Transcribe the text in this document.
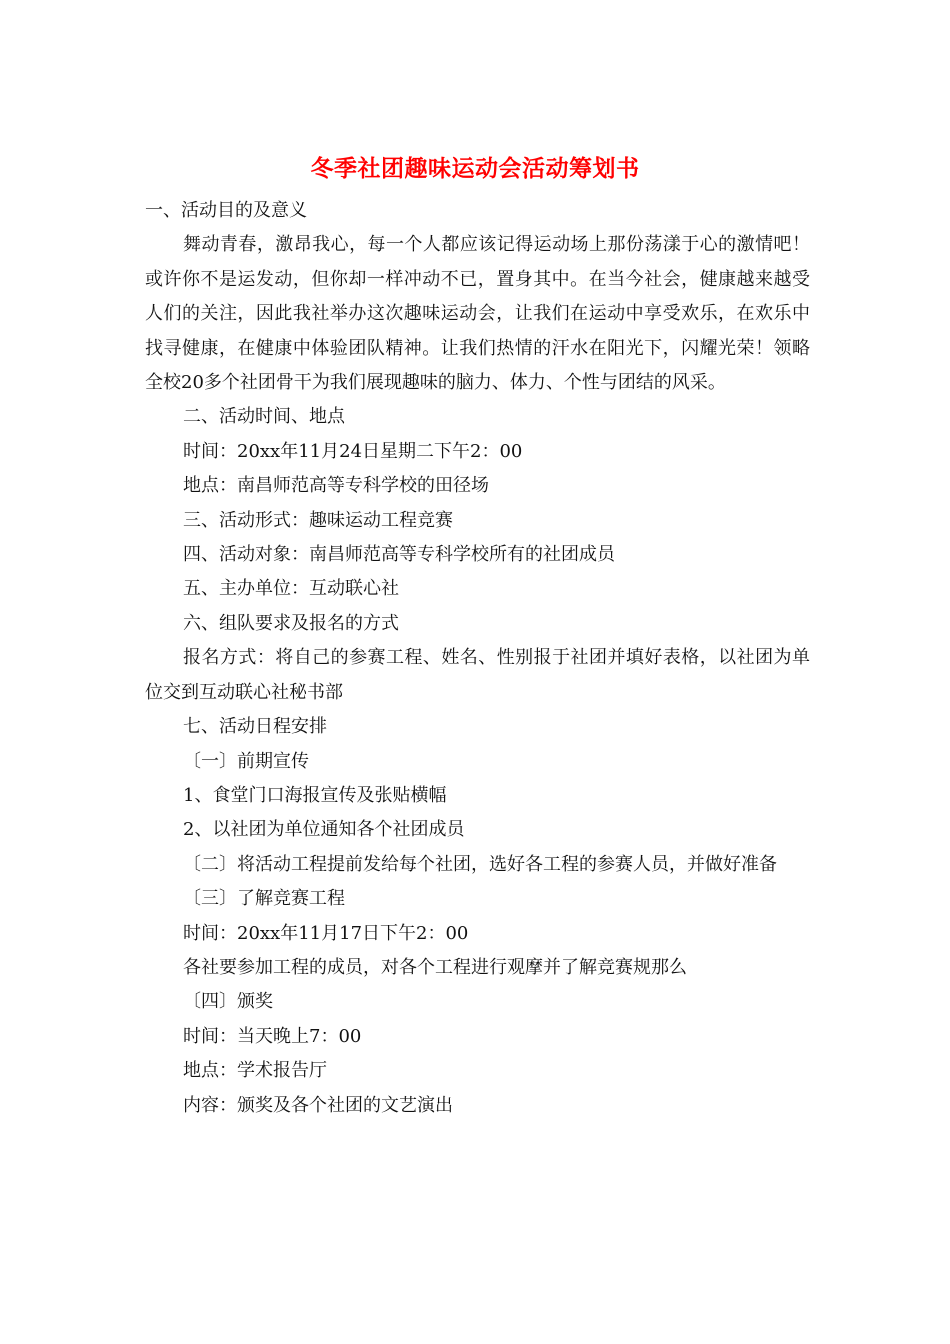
冬季社团趣味运动会活动筹划书

一、活动目的及意义

舞动青春，激昂我心，每一个人都应该记得运动场上那份荡漾于心的激情吧！或许你不是运发动，但你却一样冲动不已，置身其中。在当今社会，健康越来越受人们的关注，因此我社举办这次趣味运动会，让我们在运动中享受欢乐，在欢乐中找寻健康，在健康中体验团队精神。让我们热情的汗水在阳光下，闪耀光荣！领略全校20多个社团骨干为我们展现趣味的脑力、体力、个性与团结的风采。

二、活动时间、地点

时间：20xx年11月24日星期二下午2：00

地点：南昌师范高等专科学校的田径场

三、活动形式：趣味运动工程竞赛

四、活动对象：南昌师范高等专科学校所有的社团成员

五、主办单位：互动联心社

六、组队要求及报名的方式

报名方式：将自己的参赛工程、姓名、性别报于社团并填好表格，以社团为单位交到互动联心社秘书部

七、活动日程安排

〔一〕前期宣传

1、食堂门口海报宣传及张贴横幅

2、以社团为单位通知各个社团成员

〔二〕将活动工程提前发给每个社团，选好各工程的参赛人员，并做好准备

〔三〕了解竞赛工程

时间：20xx年11月17日下午2：00

各社要参加工程的成员，对各个工程进行观摩并了解竞赛规那么

〔四〕颁奖

时间：当天晚上7：00

地点：学术报告厅

内容：颁奖及各个社团的文艺演出
